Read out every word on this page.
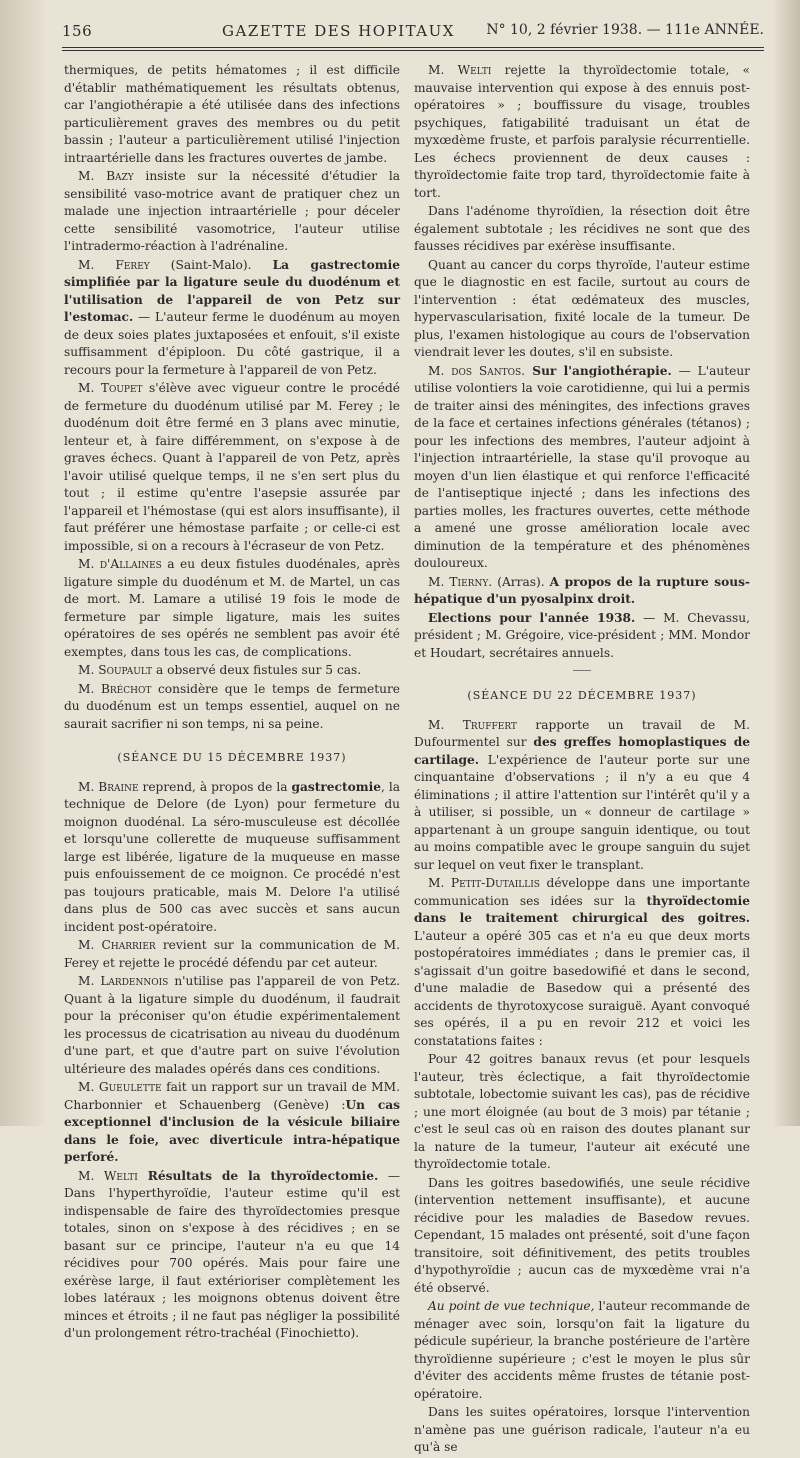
156	GAZETTE DES HOPITAUX N° 10, 2 février 1938. — 111e ANNÉE.

thermiques, de petits hématomes ; il est difficile d'établir mathématiquement les résultats obtenus, car l'angiothérapie a été utilisée dans des infections particulièrement graves des membres ou du petit bassin ; l'auteur a particulièrement utilisé l'injection intraartérielle dans les fractures ouvertes de jambe.

M. Bazy insiste sur la nécessité d'étudier la sensibilité vaso-motrice avant de pratiquer chez un malade une injection intraartérielle ; pour déceler cette sensibilité vasomotrice, l'auteur utilise l'intradermo-réaction à l'adrénaline.

M. Ferey (Saint-Malo). La gastrectomie simplifiée par la ligature seule du duodénum et l'utilisation de l'appareil de von Petz sur l'estomac. — L'auteur ferme le duodénum au moyen de deux soies plates juxtaposées et enfouit, s'il existe suffisamment d'épiploon. Du côté gastrique, il a recours pour la fermeture à l'appareil de von Petz.

M. Toupet s'élève avec vigueur contre le procédé de fermeture du duodénum utilisé par M. Ferey ; le duodénum doit être fermé en 3 plans avec minutie, lenteur et, à faire différemment, on s'expose à de graves échecs. Quant à l'appareil de von Petz, après l'avoir utilisé quelque temps, il ne s'en sert plus du tout ; il estime qu'entre l'asepsie assurée par l'appareil et l'hémostase (qui est alors insuffisante), il faut préférer une hémostase parfaite ; or celle-ci est impossible, si on a recours à l'écraseur de von Petz.

M. d'Allaines a eu deux fistules duodénales, après ligature simple du duodénum et M. de Martel, un cas de mort. M. Lamare a utilisé 19 fois le mode de fermeture par simple ligature, mais les suites opératoires de ses opérés ne semblent pas avoir été exemptes, dans tous les cas, de complications.

M. Soupault a observé deux fistules sur 5 cas.

M. Bréchot considère que le temps de fermeture du duodénum est un temps essentiel, auquel on ne saurait sacrifier ni son temps, ni sa peine.

(SÉANCE DU 15 DÉCEMBRE 1937)

M. Braine reprend, à propos de la gastrectomie, la technique de Delore (de Lyon) pour fermeture du moignon duodénal. La séro-musculeuse est décollée et lorsqu'une collerette de muqueuse suffisamment large est libérée, ligature de la muqueuse en masse puis enfouissement de ce moignon. Ce procédé n'est pas toujours praticable, mais M. Delore l'a utilisé dans plus de 500 cas avec succès et sans aucun incident post-opératoire.

M. Charrier revient sur la communication de M. Ferey et rejette le procédé défendu par cet auteur.

M. Lardennois n'utilise pas l'appareil de von Petz. Quant à la ligature simple du duodénum, il faudrait pour la préconiser qu'on étudie expérimentalement les processus de cicatrisation au niveau du duodénum d'une part, et que d'autre part on suive l'évolution ultérieure des malades opérés dans ces conditions.

M. Gueulette fait un rapport sur un travail de MM. Charbonnier et Schauenberg (Genève) :Un cas exceptionnel d'inclusion de la vésicule biliaire dans le foie, avec diverticule intra-hépatique perforé.

M. Welti Résultats de la thyroïdectomie. — Dans l'hyperthyroïdie, l'auteur estime qu'il est indispensable de faire des thyroïdectomies presque totales, sinon on s'expose à des récidives ; en se basant sur ce principe, l'auteur n'a eu que 14 récidives pour 700 opérés. Mais pour faire une exérèse large, il faut extérioriser complètement les lobes latéraux ; les moignons obtenus doivent être minces et étroits ; il ne faut pas négliger la possibilité d'un prolongement rétro-trachéal (Finochietto).

M. Welti rejette la thyroïdectomie totale, « mauvaise intervention qui expose à des ennuis post-opératoires » ; bouffissure du visage, troubles psychiques, fatigabilité traduisant un état de myxœdème fruste, et parfois paralysie récurrentielle. Les échecs proviennent de deux causes : thyroïdectomie faite trop tard, thyroïdectomie faite à tort.

Dans l'adénome thyroïdien, la résection doit être également subtotale ; les récidives ne sont que des fausses récidives par exérèse insuffisante.

Quant au cancer du corps thyroïde, l'auteur estime que le diagnostic en est facile, surtout au cours de l'intervention : état œdémateux des muscles, hypervascularisation, fixité locale de la tumeur. De plus, l'examen histologique au cours de l'observation viendrait lever les doutes, s'il en subsiste.

M. dos Santos. Sur l'angiothérapie. — L'auteur utilise volontiers la voie carotidienne, qui lui a permis de traiter ainsi des méningites, des infections graves de la face et certaines infections générales (tétanos) ; pour les infections des membres, l'auteur adjoint à l'injection intraartérielle, la stase qu'il provoque au moyen d'un lien élastique et qui renforce l'efficacité de l'antiseptique injecté ; dans les infections des parties molles, les fractures ouvertes, cette méthode a amené une grosse amélioration locale avec diminution de la température et des phénomènes douloureux.

M. Tierny. (Arras). A propos de la rupture sous-hépatique d'un pyosalpinx droit.

Elections pour l'année 1938. — M. Chevassu, président ; M. Grégoire, vice-président ; MM. Mondor et Houdart, secrétaires annuels.

(SÉANCE DU 22 DÉCEMBRE 1937)

M. Truffert rapporte un travail de M. Dufourmentel sur des greffes homoplastiques de cartilage. L'expérience de l'auteur porte sur une cinquantaine d'observations ; il n'y a eu que 4 éliminations ; il attire l'attention sur l'intérêt qu'il y a à utiliser, si possible, un « donneur de cartilage » appartenant à un groupe sanguin identique, ou tout au moins compatible avec le groupe sanguin du sujet sur lequel on veut fixer le transplant.

M. Petit-Dutaillis développe dans une importante communication ses idées sur la thyroïdectomie dans le traitement chirurgical des goitres. L'auteur a opéré 305 cas et n'a eu que deux morts postopératoires immédiates ; dans le premier cas, il s'agissait d'un goitre basedowifié et dans le second, d'une maladie de Basedow qui a présenté des accidents de thyrotoxycose suraiguë. Ayant convoqué ses opérés, il a pu en revoir 212 et voici les constatations faites :

Pour 42 goitres banaux revus (et pour lesquels l'auteur, très éclectique, a fait thyroïdectomie subtotale, lobectomie suivant les cas), pas de récidive ; une mort éloignée (au bout de 3 mois) par tétanie ; c'est le seul cas où en raison des doutes planant sur la nature de la tumeur, l'auteur ait exécuté une thyroïdectomie totale.

Dans les goitres basedowifiés, une seule récidive (intervention nettement insuffisante), et aucune récidive pour les maladies de Basedow revues. Cependant, 15 malades ont présenté, soit d'une façon transitoire, soit définitivement, des petits troubles d'hypothyroïdie ; aucun cas de myxœdème vrai n'a été observé.

Au point de vue technique, l'auteur recommande de ménager avec soin, lorsqu'on fait la ligature du pédicule supérieur, la branche postérieure de l'artère thyroïdienne supérieure ; c'est le moyen le plus sûr d'éviter des accidents même frustes de tétanie post-opératoire.

Dans les suites opératoires, lorsque l'intervention n'amène pas une guérison radicale, l'auteur n'a eu qu'à se
